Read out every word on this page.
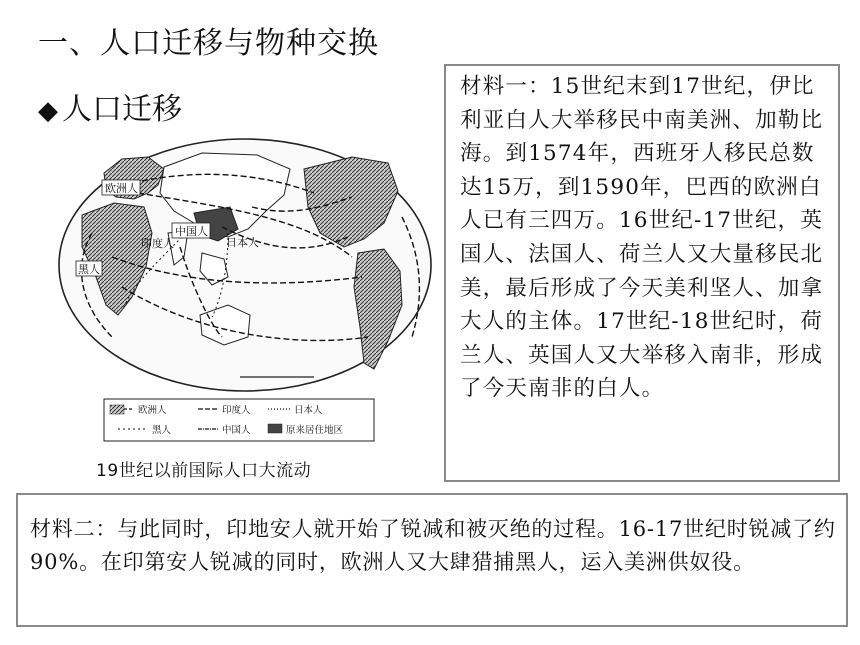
一、人口迁移与物种交换
◆ 人口迁移
欧洲人
中国人
印度人	日本人
黑人
欧洲人	印度人	日本人
黑人	中国人	原来居住地区
19世纪以前国际人口大流动
材料一：15世纪末到17世纪，伊比利亚白人大举移民中南美洲、加勒比海。到1574年，西班牙人移民总数达15万，到1590年，巴西的欧洲白人已有三四万。16世纪-17世纪，英国人、法国人、荷兰人又大量移民北美，最后形成了今天美利坚人、加拿大人的主体。17世纪-18世纪时，荷兰人、英国人又大举移入南非，形成了今天南非的白人。
材料二：与此同时，印地安人就开始了锐减和被灭绝的过程。16-17世纪时锐减了约90%。在印第安人锐减的同时，欧洲人又大肆猎捕黑人，运入美洲供奴役。
